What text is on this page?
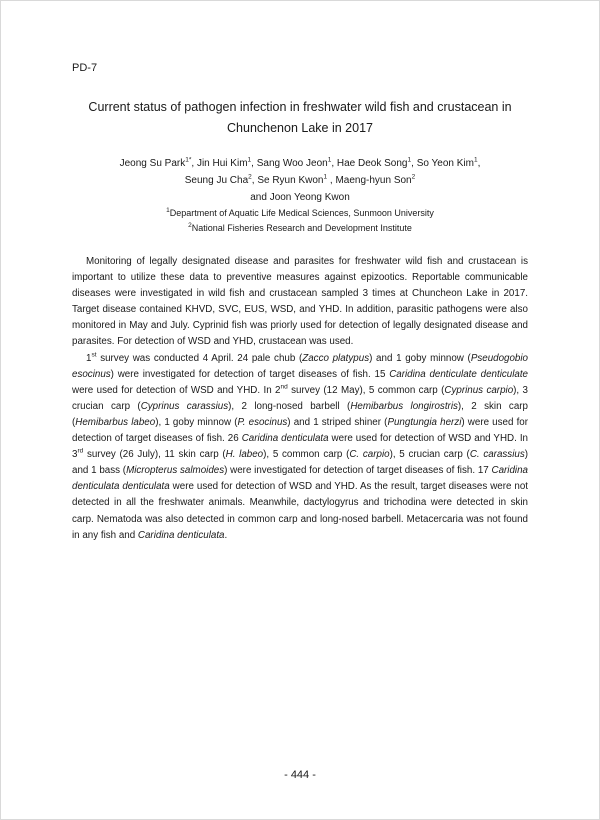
PD-7
Current status of pathogen infection in freshwater wild fish and crustacean in
Chunchenon Lake in 2017
Jeong Su Park$^{1*}$, Jin Hui Kim$^1$, Sang Woo Jeon$^1$, Hae Deok Song$^1$, So Yeon Kim$^1$,
Seung Ju Cha$^2$, Se Ryun Kwon$^1$ , Maeng-hyun Son$^2$
and Joon Yeong Kwon
$^1$Department of Aquatic Life Medical Sciences, Sunmoon University
$^2$National Fisheries Research and Development Institute

Monitoring of legally designated disease and parasites for freshwater wild fish and crustacean is important to utilize these data to preventive measures against epizootics. Reportable communicable diseases were investigated in wild fish and crustacean sampled 3 times at Chuncheon Lake in 2017. Target disease contained KHVD, SVC, EUS, WSD, and YHD. In addition, parasitic pathogens were also monitored in May and July. Cyprinid fish was priorly used for detection of legally designated disease and parasites. For detection of WSD and YHD, crustacean was used.

1st survey was conducted 4 April. 24 pale chub (Zacco platypus) and 1 goby minnow (Pseudogobio esocinus) were investigated for detection of target diseases of fish. 15 Caridina denticulate denticulate were used for detection of WSD and YHD. In 2nd survey (12 May), 5 common carp (Cyprinus carpio), 3 crucian carp (Cyprinus carassius), 2 long-nosed barbell (Hemibarbus longirostris), 2 skin carp (Hemibarbus labeo), 1 goby minnow (P. esocinus) and 1 striped shiner (Pungtungia herzi) were used for detection of target diseases of fish. 26 Caridina denticulata were used for detection of WSD and YHD. In 3rd survey (26 July), 11 skin carp (H. labeo), 5 common carp (C. carpio), 5 crucian carp (C. carassius) and 1 bass (Micropterus salmoides) were investigated for detection of target diseases of fish. 17 Caridina denticulata denticulata were used for detection of WSD and YHD. As the result, target diseases were not detected in all the freshwater animals. Meanwhile, dactylogyrus and trichodina were detected in skin carp. Nematoda was also detected in common carp and long-nosed barbell. Metacercaria was not found in any fish and Caridina denticulata.

- 444 -
